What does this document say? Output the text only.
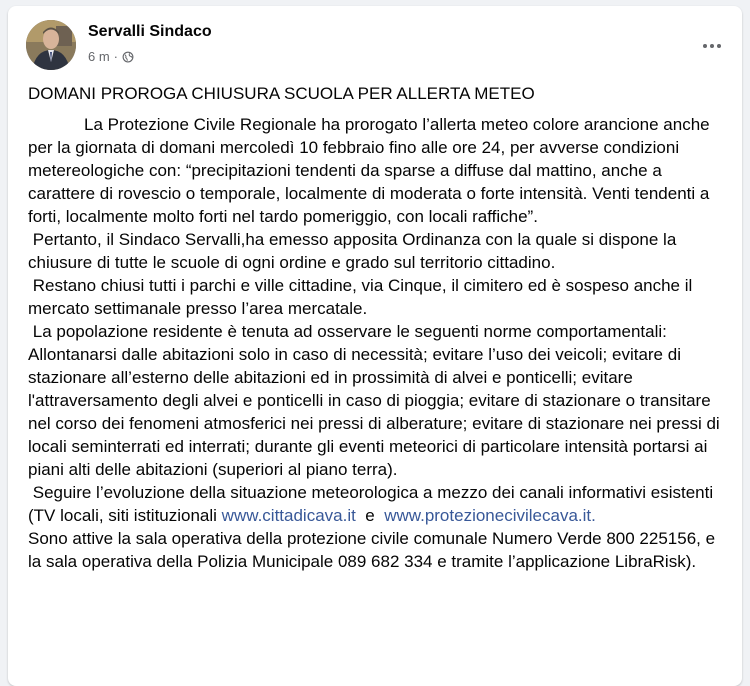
Servalli Sindaco
6 m ·

DOMANI PROROGA CHIUSURA SCUOLA PER ALLERTA METEO

La Protezione Civile Regionale ha prorogato l’allerta meteo colore arancione anche per la giornata di domani mercoledì 10 febbraio fino alle ore 24, per avverse condizioni metereologiche con: “precipitazioni tendenti da sparse a diffuse dal mattino, anche a carattere di rovescio o temporale, localmente di moderata o forte intensità. Venti tendenti a forti, localmente molto forti nel tardo pomeriggio, con locali raffiche”.

Pertanto, il Sindaco Servalli,ha emesso apposita Ordinanza con la quale si dispone la chiusure di tutte le scuole di ogni ordine e grado sul territorio cittadino.

Restano chiusi tutti i parchi e ville cittadine, via Cinque, il cimitero ed è sospeso anche il mercato settimanale presso l’area mercatale.

La popolazione residente è tenuta ad osservare le seguenti norme comportamentali: Allontanarsi dalle abitazioni solo in caso di necessità; evitare l’uso dei veicoli; evitare di stazionare all’esterno delle abitazioni ed in prossimità di alvei e ponticelli; evitare l'attraversamento degli alvei e ponticelli in caso di pioggia; evitare di stazionare o transitare nel corso dei fenomeni atmosferici nei pressi di alberature; evitare di stazionare nei pressi di locali seminterrati ed interrati; durante gli eventi meteorici di particolare intensità portarsi ai piani alti delle abitazioni (superiori al piano terra).

Seguire l’evoluzione della situazione meteorologica a mezzo dei canali informativi esistenti (TV locali, siti istituzionali www.cittadicava.it  e  www.protezionecivilecava.it.

Sono attive la sala operativa della protezione civile comunale Numero Verde 800 225156, e la sala operativa della Polizia Municipale 089 682 334 e tramite l’applicazione LibraRisk).
